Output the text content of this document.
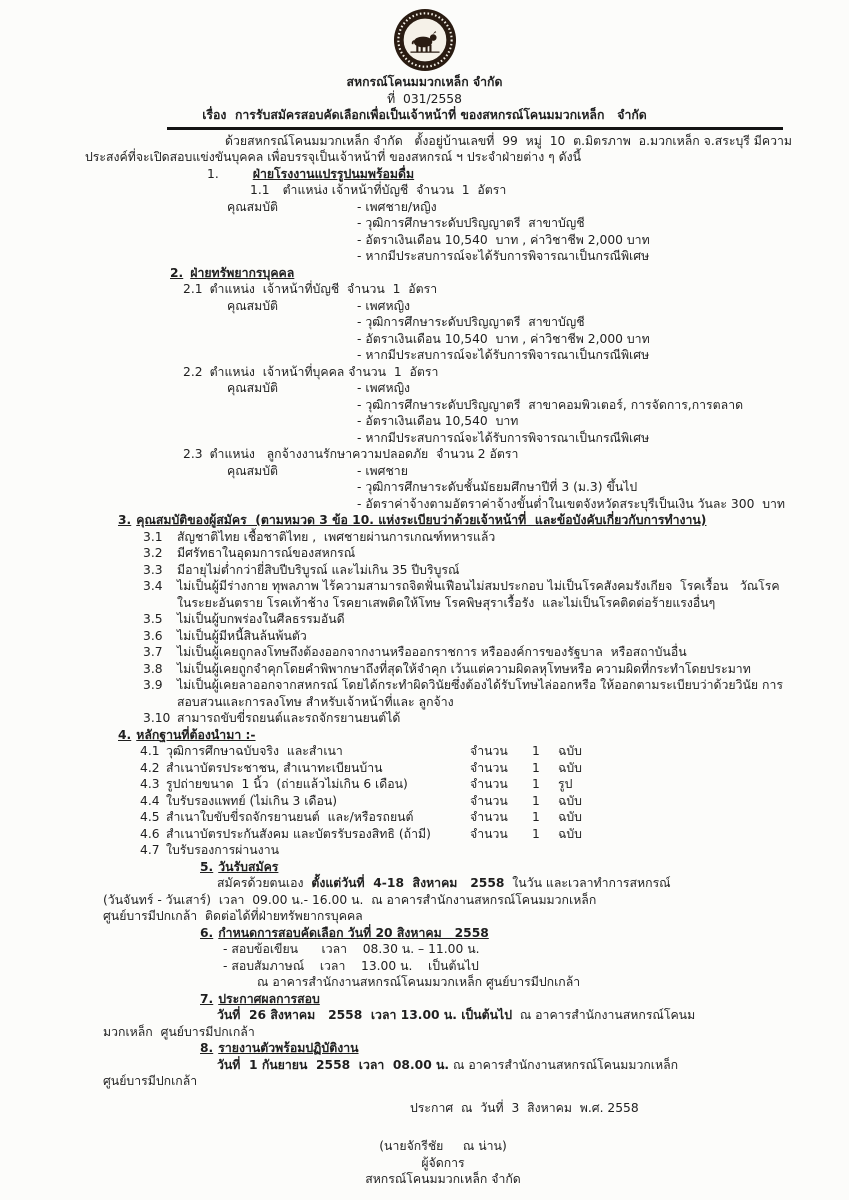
สหกรณ์โคนมมวกเหล็ก จำกัด
ที่  031/2558
เรื่อง  การรับสมัครสอบคัดเลือกเพื่อเป็นเจ้าหน้าที่ ของสหกรณ์โคนมมวกเหล็ก   จำกัด

ด้วยสหกรณ์โคนมมวกเหล็ก จำกัด   ตั้งอยู่บ้านเลขที่  99  หมู่  10  ต.มิตรภาพ  อ.มวกเหล็ก จ.สระบุรี มีความประสงค์ที่จะเปิดสอบแข่งขันบุคคล เพื่อบรรจุเป็นเจ้าหน้าที่ ของสหกรณ์ ฯ ประจำฝ่ายต่าง ๆ ดังนี้

1.	ฝ่ายโรงงานแปรรูปนมพร้อมดื่ม
1.1 ตำแหน่ง เจ้าหน้าที่บัญชี  จำนวน  1  อัตรา
คุณสมบัติ	- เพศชาย/หญิง
- วุฒิการศึกษาระดับปริญญาตรี  สาขาบัญชี
- อัตราเงินเดือน 10,540  บาท , ค่าวิชาชีพ 2,000 บาท
- หากมีประสบการณ์จะได้รับการพิจารณาเป็นกรณีพิเศษ
2. ฝ่ายทรัพยากรบุคคล
2.1 ตำแหน่ง  เจ้าหน้าที่บัญชี  จำนวน  1  อัตรา
คุณสมบัติ	- เพศหญิง
- วุฒิการศึกษาระดับปริญญาตรี  สาขาบัญชี
- อัตราเงินเดือน 10,540  บาท , ค่าวิชาชีพ 2,000 บาท
- หากมีประสบการณ์จะได้รับการพิจารณาเป็นกรณีพิเศษ
2.2 ตำแหน่ง  เจ้าหน้าที่บุคคล จำนวน  1  อัตรา
คุณสมบัติ	- เพศหญิง
- วุฒิการศึกษาระดับปริญญาตรี  สาขาคอมพิวเตอร์, การจัดการ,การตลาด
- อัตราเงินเดือน 10,540  บาท
- หากมีประสบการณ์จะได้รับการพิจารณาเป็นกรณีพิเศษ
2.3 ตำแหน่ง   ลูกจ้างงานรักษาความปลอดภัย  จำนวน 2 อัตรา
คุณสมบัติ	- เพศชาย
- วุฒิการศึกษาระดับชั้นมัธยมศึกษาปีที่ 3 (ม.3) ขึ้นไป
- อัตราค่าจ้างตามอัตราค่าจ้างขั้นต่ำในเขตจังหวัดสระบุรีเป็นเงิน วันละ 300  บาท
3. คุณสมบัติของผู้สมัคร  (ตามหมวด 3 ข้อ 10. แห่งระเบียบว่าด้วยเจ้าหน้าที่  และข้อบังคับเกี่ยวกับการทำงาน)
3.1	สัญชาติไทย เชื้อชาติไทย ,  เพศชายผ่านการเกณฑ์ทหารแล้ว
3.2	มีศรัทธาในอุดมการณ์ของสหกรณ์
3.3	มีอายุไม่ต่ำกว่ายี่สิบปีบริบูรณ์ และไม่เกิน 35 ปีบริบูรณ์
3.4	ไม่เป็นผู้มีร่างกาย ทุพลภาพ ไร้ความสามารถจิตฟั่นเฟือนไม่สมประกอบ ไม่เป็นโรคสังคมรังเกียจ  โรคเรื้อน   วัณโรคในระยะอันตราย โรคเท้าช้าง โรคยาเสพติดให้โทษ โรคพิษสุราเรื้อรัง  และไม่เป็นโรคติดต่อร้ายแรงอื่นๆ
3.5	ไม่เป็นผู้บกพร่องในศีลธรรมอันดี
3.6	ไม่เป็นผู้มีหนี้สินล้นพ้นตัว
3.7	ไม่เป็นผู้เคยถูกลงโทษถึงต้องออกจากงานหรือออกราชการ หรือองค์การของรัฐบาล  หรือสถาบันอื่น
3.8	ไม่เป็นผู้เคยถูกจำคุกโดยคำพิพากษาถึงที่สุดให้จำคุก เว้นแต่ความผิดลหุโทษหรือ ความผิดที่กระทำโดยประมาท
3.9	ไม่เป็นผู้เคยลาออกจากสหกรณ์ โดยได้กระทำผิดวินัยซึ่งต้องได้รับโทษไล่ออกหรือ ให้ออกตามระเบียบว่าด้วยวินัย การสอบสวนและการลงโทษ สำหรับเจ้าหน้าที่และ ลูกจ้าง
3.10 สามารถขับขี่รถยนต์และรถจักรยานยนต์ได้
4. หลักฐานที่ต้องนำมา :-
4.1 วุฒิการศึกษาฉบับจริง  และสำเนา	จำนวน	1	ฉบับ
4.2 สำเนาบัตรประชาชน, สำเนาทะเบียนบ้าน	จำนวน	1	ฉบับ
4.3 รูปถ่ายขนาด  1 นิ้ว  (ถ่ายแล้วไม่เกิน 6 เดือน)	จำนวน	1	รูป
4.4 ใบรับรองแพทย์ (ไม่เกิน 3 เดือน)	จำนวน	1	ฉบับ
4.5 สำเนาใบขับขี่รถจักรยานยนต์  และ/หรือรถยนต์	จำนวน	1	ฉบับ
4.6 สำเนาบัตรประกันสังคม และบัตรรับรองสิทธิ (ถ้ามี)	จำนวน	1	ฉบับ
4.7 ใบรับรองการผ่านงาน
5. วันรับสมัคร
สมัครด้วยตนเอง  ตั้งแต่วันที่  4-18  สิงหาคม   2558  ในวัน และเวลาทำการสหกรณ์
(วันจันทร์ - วันเสาร์)  เวลา  09.00 น.- 16.00 น.  ณ อาคารสำนักงานสหกรณ์โคนมมวกเหล็ก
ศูนย์บารมีปกเกล้า  ติดต่อได้ที่ฝ่ายทรัพยากรบุคคล
6. กำหนดการสอบคัดเลือก วันที่ 20 สิงหาคม   2558
- สอบข้อเขียน      เวลา    08.30 น. – 11.00 น.
- สอบสัมภาษณ์    เวลา    13.00 น.    เป็นต้นไป
ณ อาคารสำนักงานสหกรณ์โคนมมวกเหล็ก ศูนย์บารมีปกเกล้า
7. ประกาศผลการสอบ
วันที่  26 สิงหาคม   2558  เวลา 13.00 น. เป็นต้นไป  ณ อาคารสำนักงานสหกรณ์โคนม
มวกเหล็ก  ศูนย์บารมีปกเกล้า
8. รายงานตัวพร้อมปฏิบัติงาน
วันที่  1 กันยายน  2558  เวลา  08.00 น. ณ อาคารสำนักงานสหกรณ์โคนมมวกเหล็ก
ศูนย์บารมีปกเกล้า
ประกาศ  ณ  วันที่  3  สิงหาคม  พ.ศ. 2558
(นายจักรีชัย     ณ น่าน)
ผู้จัดการ
สหกรณ์โคนมมวกเหล็ก จำกัด
